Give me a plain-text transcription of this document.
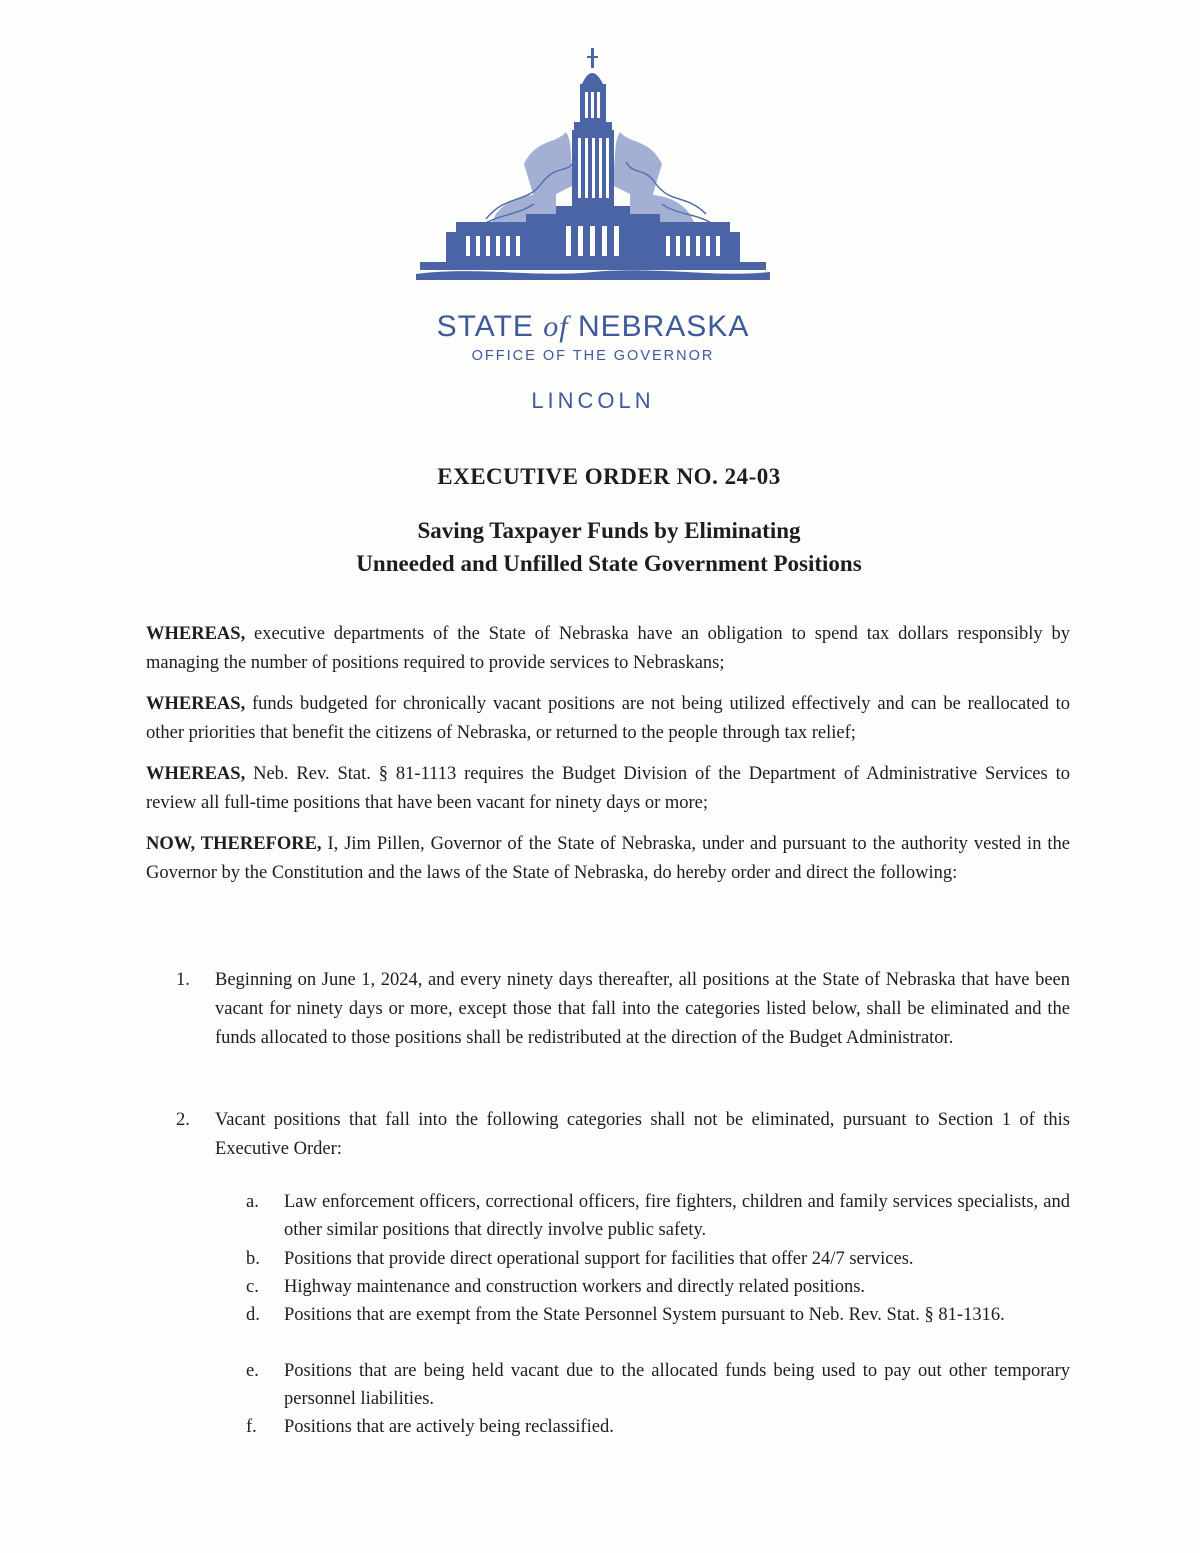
STATE of NEBRASKA
OFFICE OF THE GOVERNOR
LINCOLN
EXECUTIVE ORDER NO. 24-03
Saving Taxpayer Funds by Eliminating
Unneeded and Unfilled State Government Positions

WHEREAS, executive departments of the State of Nebraska have an obligation to spend tax dollars responsibly by managing the number of positions required to provide services to Nebraskans;

WHEREAS, funds budgeted for chronically vacant positions are not being utilized effectively and can be reallocated to other priorities that benefit the citizens of Nebraska, or returned to the people through tax relief;

WHEREAS, Neb. Rev. Stat. § 81-1113 requires the Budget Division of the Department of Administrative Services to review all full-time positions that have been vacant for ninety days or more;

NOW, THEREFORE, I, Jim Pillen, Governor of the State of Nebraska, under and pursuant to the authority vested in the Governor by the Constitution and the laws of the State of Nebraska, do hereby order and direct the following:

1. Beginning on June 1, 2024, and every ninety days thereafter, all positions at the State of Nebraska that have been vacant for ninety days or more, except those that fall into the categories listed below, shall be eliminated and the funds allocated to those positions shall be redistributed at the direction of the Budget Administrator.
2. Vacant positions that fall into the following categories shall not be eliminated, pursuant to Section 1 of this Executive Order:
a. Law enforcement officers, correctional officers, fire fighters, children and family services specialists, and other similar positions that directly involve public safety.
b. Positions that provide direct operational support for facilities that offer 24/7 services.
c. Highway maintenance and construction workers and directly related positions.
d. Positions that are exempt from the State Personnel System pursuant to Neb. Rev. Stat. § 81-1316.
e. Positions that are being held vacant due to the allocated funds being used to pay out other temporary personnel liabilities.
f. Positions that are actively being reclassified.
